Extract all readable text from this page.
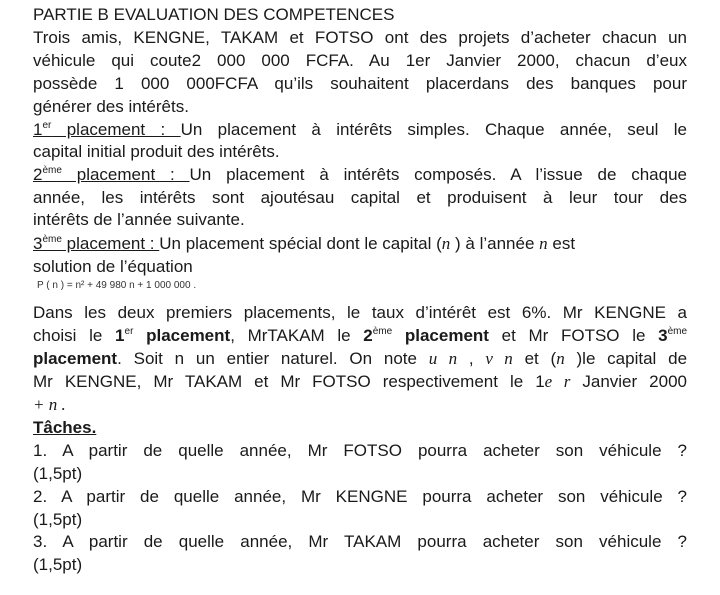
PARTIE B EVALUATION DES COMPETENCES
Trois amis, KENGNE, TAKAM et FOTSO ont des projets d’acheter chacun un
véhicule qui coute2 000 000 FCFA. Au 1er Janvier 2000, chacun d’eux
possède 1 000 000FCFA qu’ils souhaitent placerdans des banques pour
générer des intérêts.
1er placement : Un placement à intérêts simples. Chaque année, seul le
capital initial produit des intérêts.
2ème placement : Un placement à intérêts composés. A l’issue de chaque
année, les intérêts sont ajoutésau capital et produisent à leur tour des
intérêts de l’année suivante.
3ème placement : Un placement spécial dont le capital (n ) à l’année n est
solution de l’équation
P ( n ) = n² + 49 980 n + 1 000 000 .
Dans les deux premiers placements, le taux d’intérêt est 6%. Mr KENGNE a
choisi le 1er placement, MrTAKAM le 2ème placement et Mr FOTSO le 3ème
placement. Soit n un entier naturel. On note u n , v n et (n )le capital de
Mr KENGNE, Mr TAKAM et Mr FOTSO respectivement le 1e r Janvier 2000
+ n .
Tâches.
1. A partir de quelle année, Mr FOTSO pourra acheter son véhicule ?
(1,5pt)
2. A partir de quelle année, Mr KENGNE pourra acheter son véhicule ?
(1,5pt)
3. A partir de quelle année, Mr TAKAM pourra acheter son véhicule ?
(1,5pt)
